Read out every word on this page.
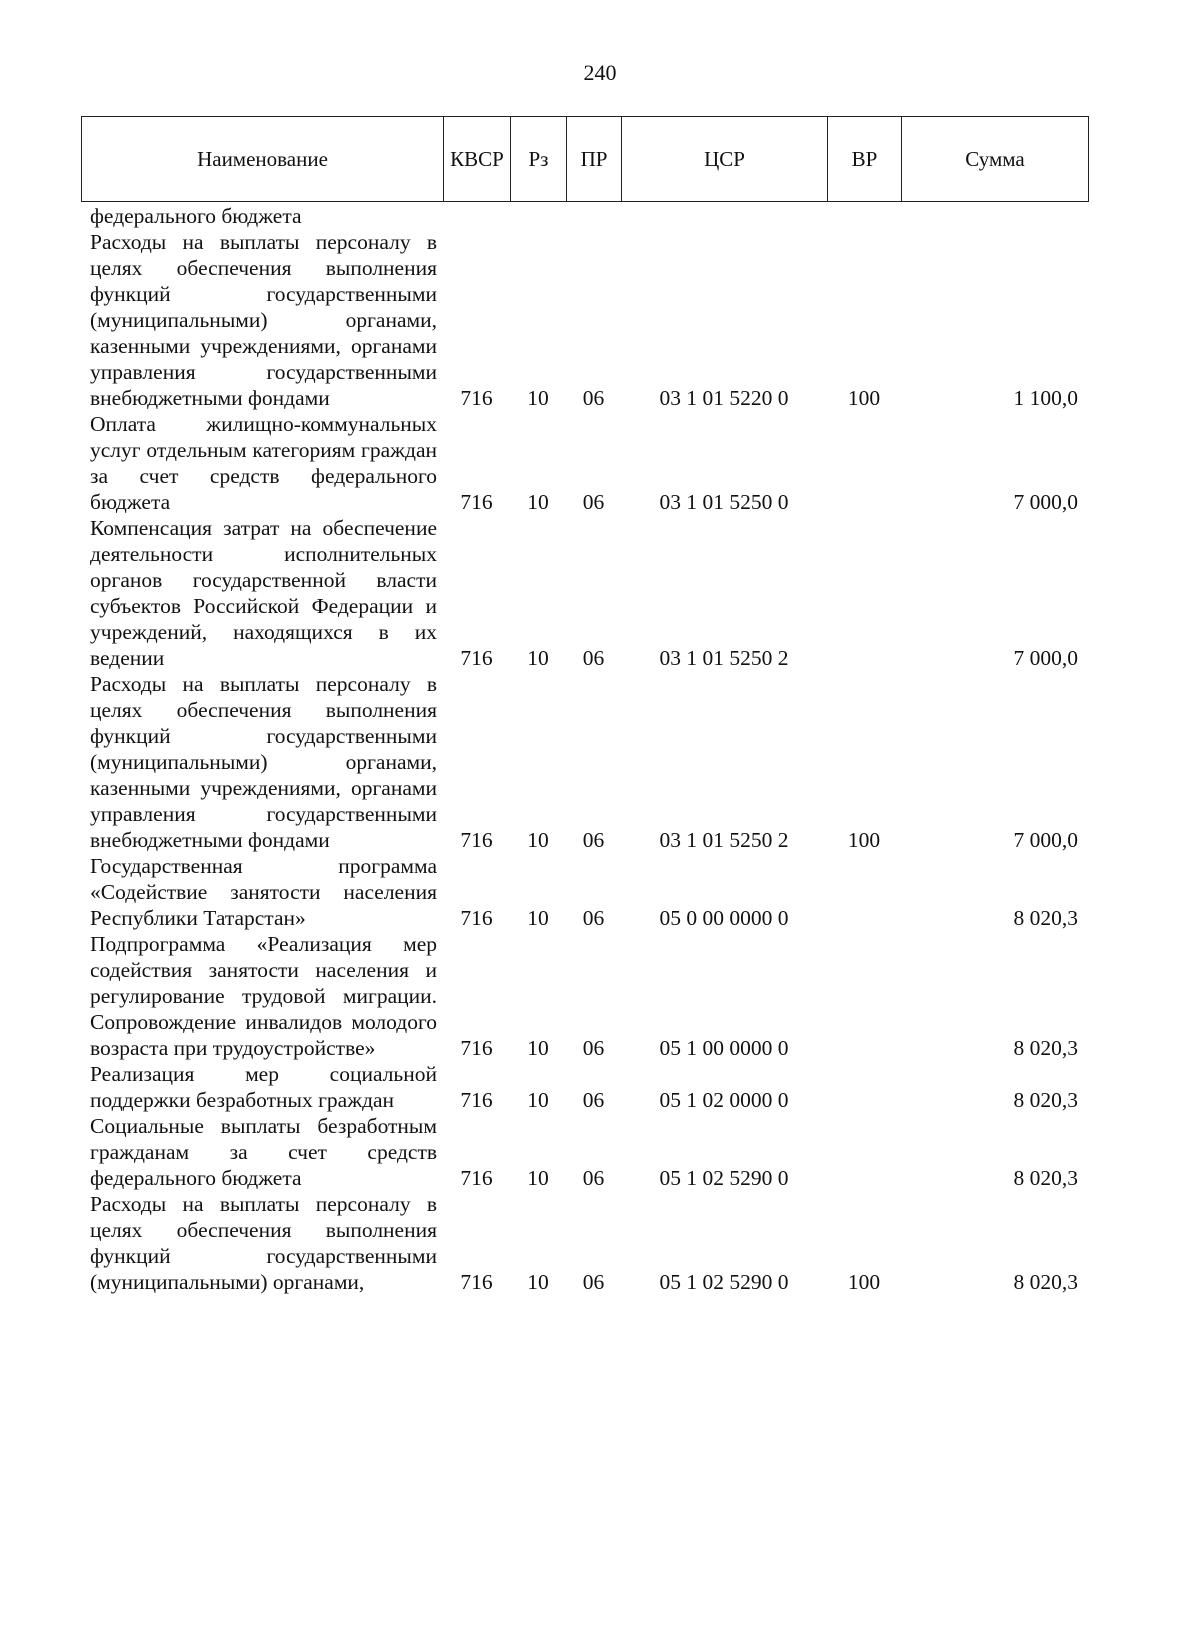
240
Наименование	КВСР	Рз	ПР	ЦСР	ВР	Сумма
федерального бюджета						
Расходы на выплаты персоналу в целях обеспечения выполнения функций государственными (муниципальными) органами, казенными учреждениями, органами управления государственными внебюджетными фондами	716	10	06	03 1 01 5220 0	100	1 100,0
Оплата жилищно-коммунальных услуг отдельным категориям граждан за счет средств федерального бюджета	716	10	06	03 1 01 5250 0		7 000,0
Компенсация затрат на обеспечение деятельности исполнительных органов государственной власти субъектов Российской Федерации и учреждений, находящихся в их ведении	716	10	06	03 1 01 5250 2		7 000,0
Расходы на выплаты персоналу в целях обеспечения выполнения функций государственными (муниципальными) органами, казенными учреждениями, органами управления государственными внебюджетными фондами	716	10	06	03 1 01 5250 2	100	7 000,0
Государственная программа «Содействие занятости населения Республики Татарстан»	716	10	06	05 0 00 0000 0		8 020,3
Подпрограмма «Реализация мер содействия занятости населения и регулирование трудовой миграции. Сопровождение инвалидов молодого возраста при трудоустройстве»	716	10	06	05 1 00 0000 0		8 020,3
Реализация мер социальной поддержки безработных граждан	716	10	06	05 1 02 0000 0		8 020,3
Социальные выплаты безработным гражданам за счет средств федерального бюджета	716	10	06	05 1 02 5290 0		8 020,3
Расходы на выплаты персоналу в целях обеспечения выполнения функций государственными (муниципальными) органами,	716	10	06	05 1 02 5290 0	100	8 020,3
